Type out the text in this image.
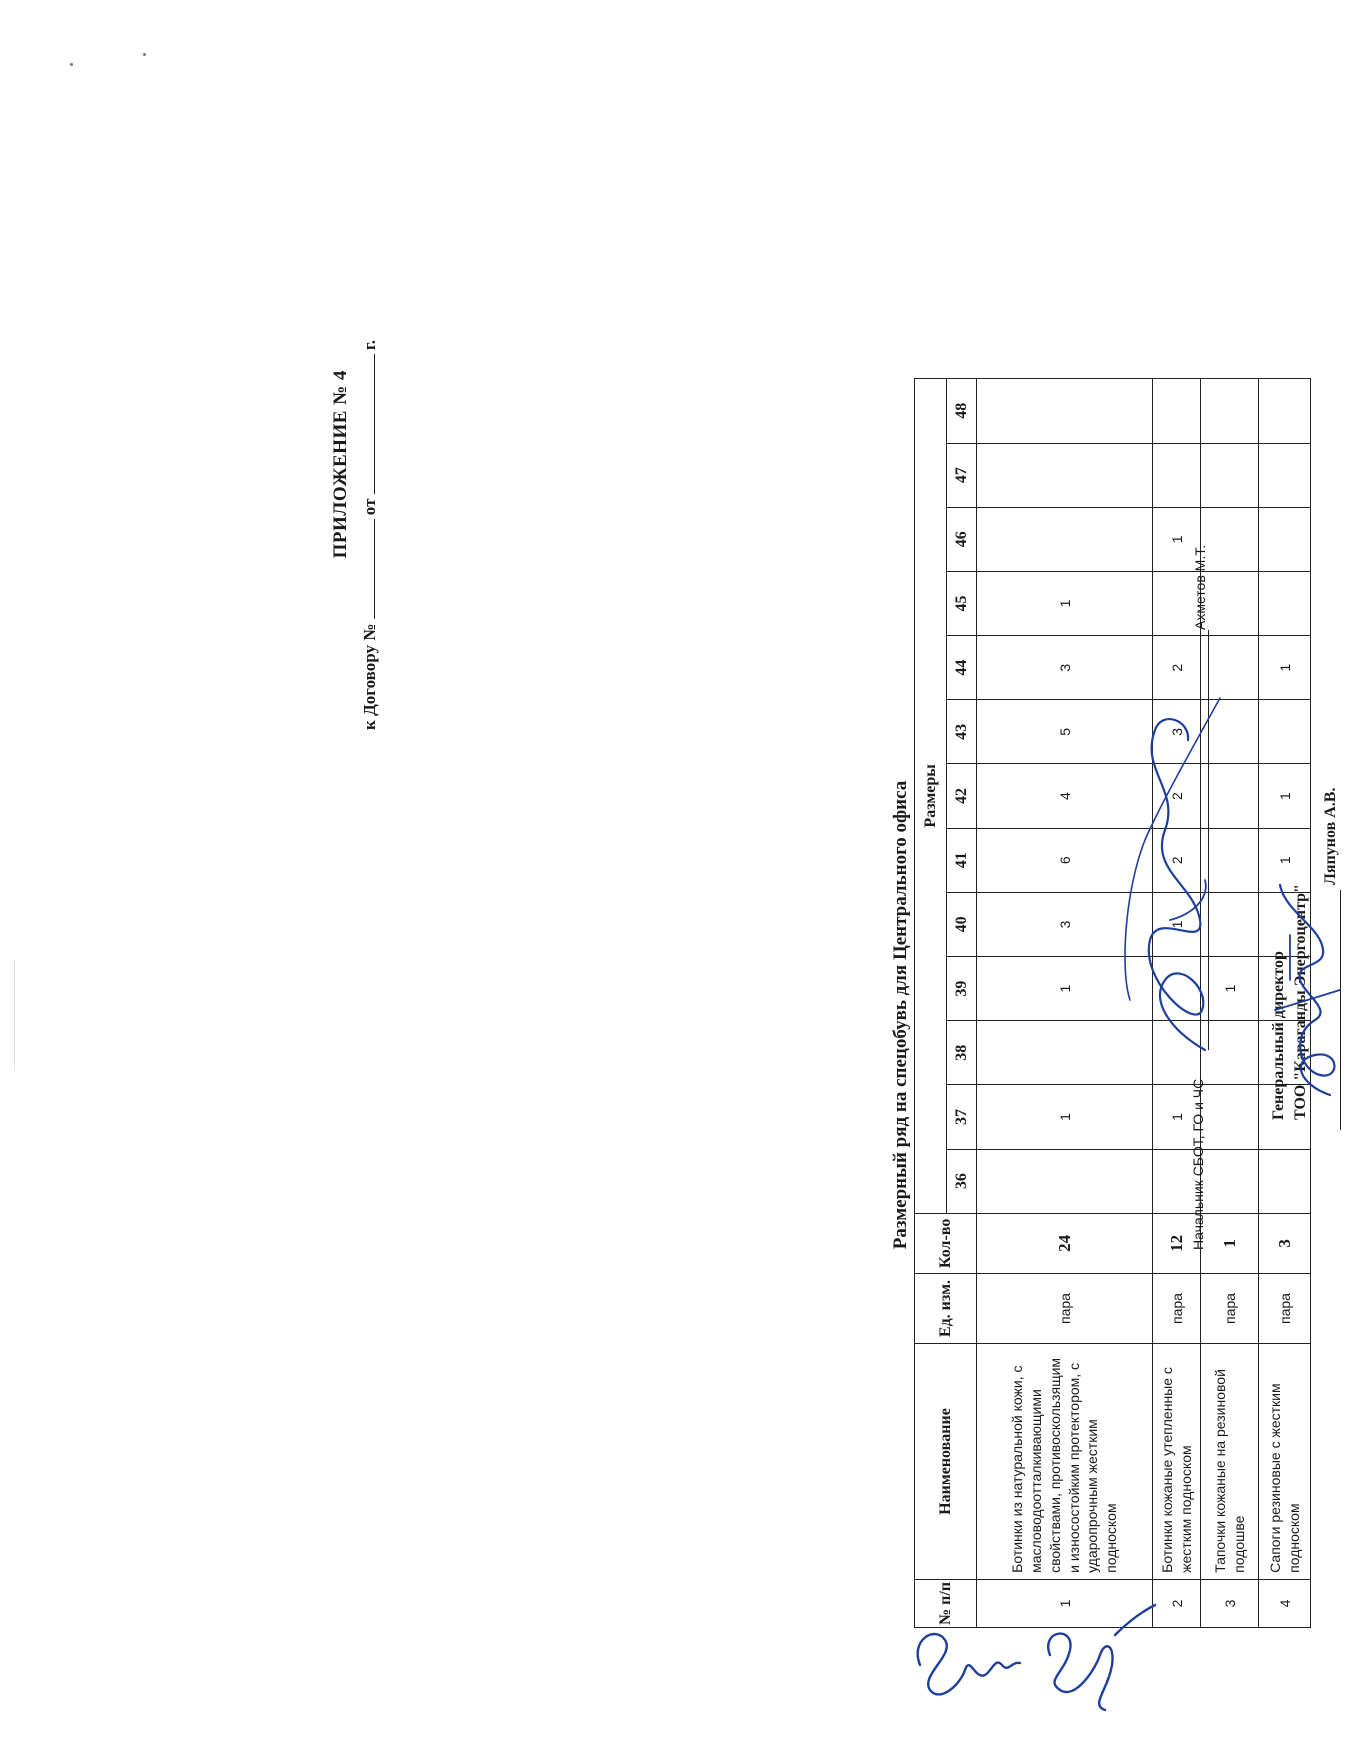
ПРИЛОЖЕНИЕ № 4
к Договору №  от  г.
Размерный ряд на спецобувь для Центрального офиса
№ п/п	Наименование	Ед. изм.	Кол-во	Размеры												
				36	37	38	39	40	41	42	43	44	45	46	47	48
1	Ботинки из натуральной кожи, с масловодоотталкивающими свойствами, противоскользящим и износостойким протектором, с ударопрочным жестким подноском	пара	24		1		1	3	6	4	5	3	1			
2	Ботинки кожаные утепленные с жестким подноском	пара	12		1			1	2	2	3	2		1		
3	Тапочки кожаные на резиновой подошве	пара	1				1									
4	Сапоги резиновые с жестким подноском	пара	3						1	1		1				
Начальник СБОТ, ГО и ЧС
Ахметов М.Т.
Генеральный директор ТОО "Караганды Энергоцентр"
Ляпунов А.В.
